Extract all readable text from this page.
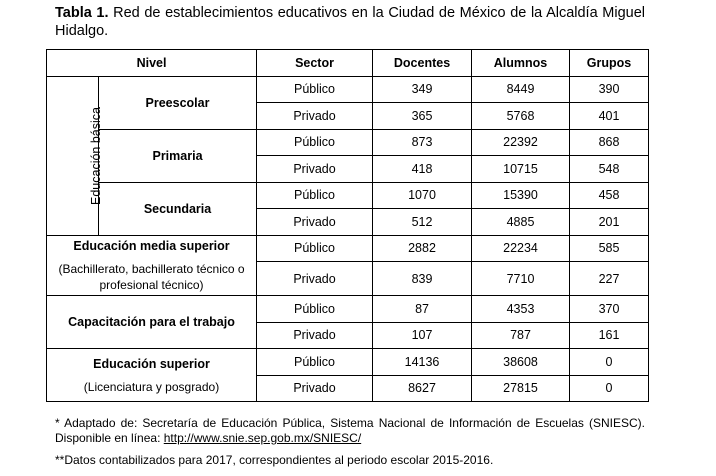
Tabla 1. Red de establecimientos educativos en la Ciudad de México de la Alcaldía Miguel Hidalgo.
Nivel		Sector	Docentes	Alumnos	Grupos
Educación básica	Preescolar	Público	349	8449	390
		Privado	365	5768	401
	Primaria	Público	873	22392	868
		Privado	418	10715	548
	Secundaria	Público	1070	15390	458
		Privado	512	4885	201

Educación media superior
(Bachillerato, bachillerato técnico o profesional técnico)		Público	2882	22234	585
		Privado	839	7710	227
Capacitación para el trabajo		Público	87	4353	370
		Privado	107	787	161

Educación superior
(Licenciatura y posgrado)		Público	14136	38608	0
		Privado	8627	27815	0

* Adaptado de: Secretaría de Educación Pública, Sistema Nacional de Información de Escuelas (SNIESC). Disponible en línea: http://www.snie.sep.gob.mx/SNIESC/

**Datos contabilizados para 2017, correspondientes al periodo escolar 2015-2016.
